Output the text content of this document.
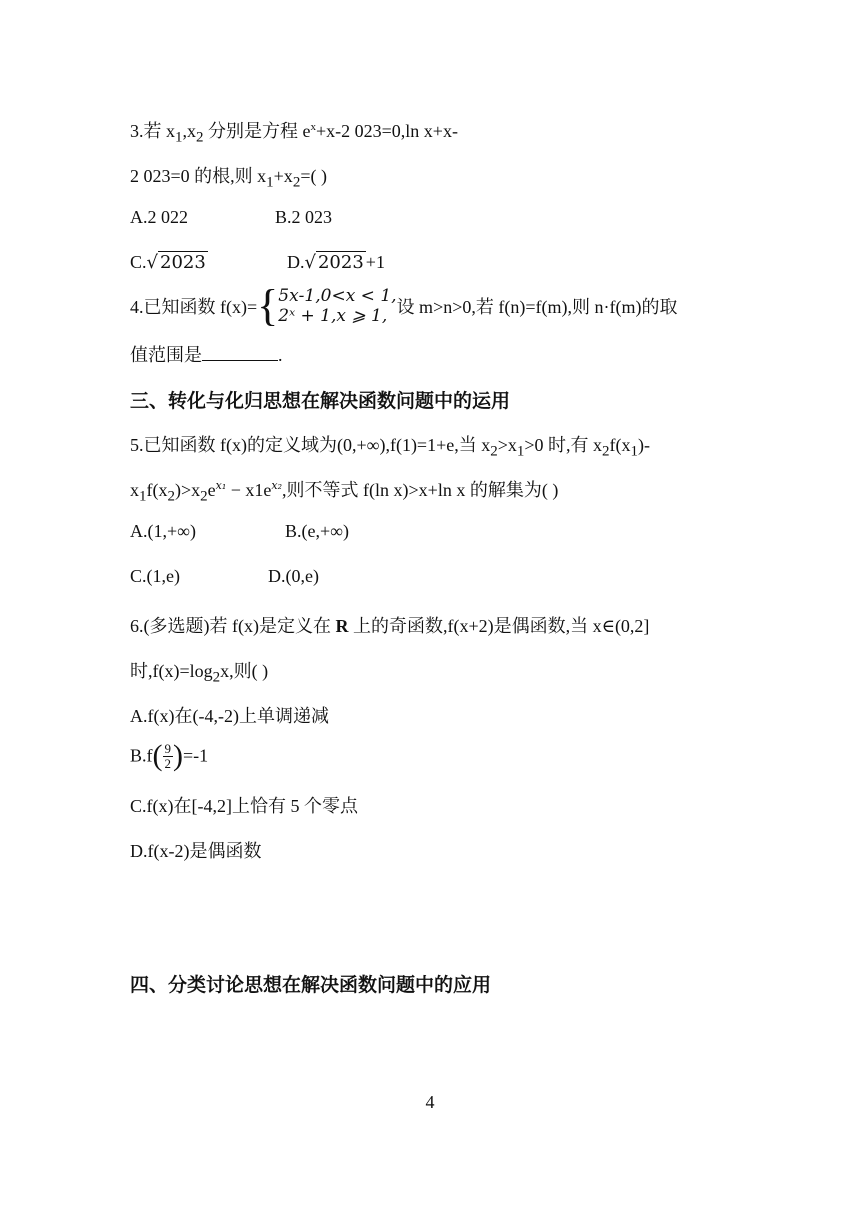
3.若 $x_1,x_2$ 分别是方程 $e^x+x-2$ 023=0,ln x+x-
2 023=0 的根,则 $x_1+x_2=$( )
A.2 022	B.2 023
C.√ 2023	D.√ 2023 +1
4.已知函数 f(x)={ 5𝑥-1,0<𝑥 < 1,
2ˣ + 1,x ⩾ 1, 设 m>n>0,若 f(n)=f(m),则 n·f(m)的取
值范围是	.
三、转化与化归思想在解决函数问题中的运用
5.已知函数 f(x)的定义域为(0,+∞),f(1)=1+e,当 $x_2>x_1>0$ 时,有 $x_2f(x_1)-$
$x_1f(x_2)>x_2e^{x_1} - x1e^{x_2}$,则不等式 f(ln x)>x+ln x 的解集为( )
A.(1,+∞)	B.(e,+∞)
C.(1,e)	D.(0,e)
6.(多选题)若 f(x)是定义在 R 上的奇函数,f(x+2)是偶函数,当 x∈(0,2]
时$,f(x)=\log_2x$,则( )
A.f(x)在(-4,-2)上单调递减
$B.f( \frac{9}{2} )=-1$
C.f(x)在[-4,2]上恰有 5 个零点
D.f(x-2)是偶函数
四、分类讨论思想在解决函数问题中的应用
4
